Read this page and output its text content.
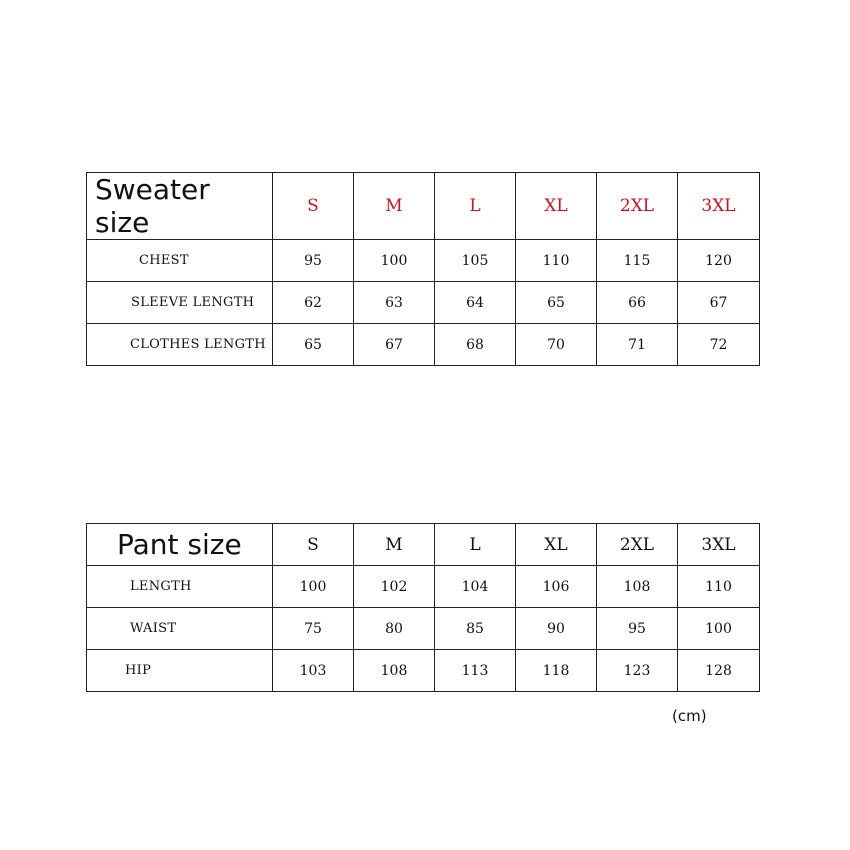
Sweater size	S	M	L	XL	2XL	3XL
CHEST	95	100	105	110	115	120
SLEEVE LENGTH	62	63	64	65	66	67
CLOTHES LENGTH	65	67	68	70	71	72
Pant size	S	M	L	XL	2XL	3XL
LENGTH	100	102	104	106	108	110
WAIST	75	80	85	90	95	100
HIP	103	108	113	118	123	128
(cm)
